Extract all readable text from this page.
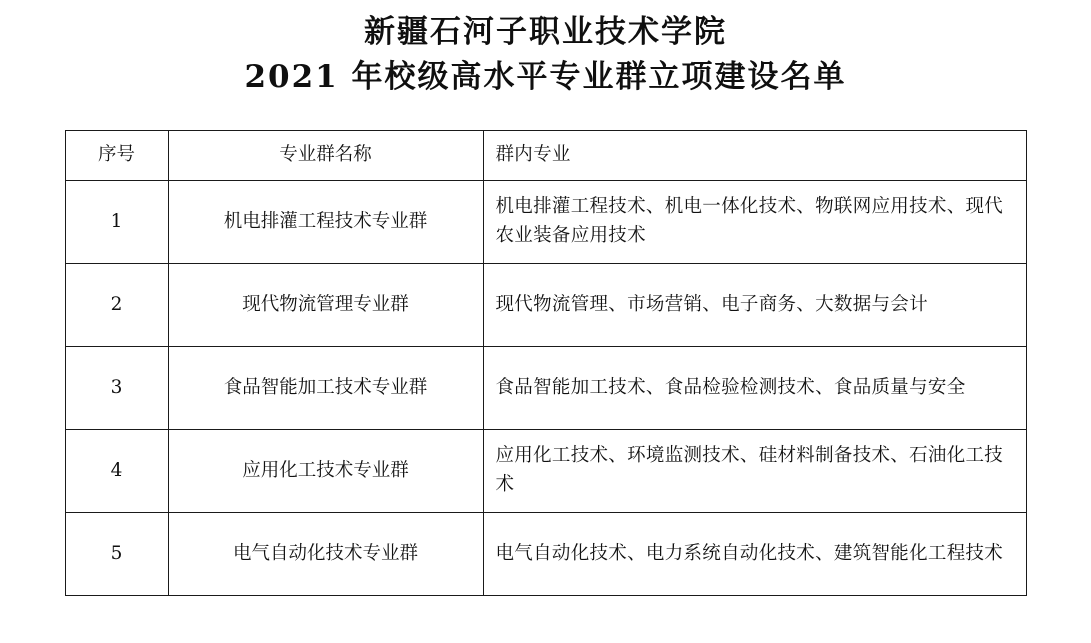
新疆石河子职业技术学院
2021 年校级高水平专业群立项建设名单
序号	专业群名称	群内专业
1	机电排灌工程技术专业群	机电排灌工程技术、机电一体化技术、物联网应用技术、现代农业装备应用技术
2	现代物流管理专业群	现代物流管理、市场营销、电子商务、大数据与会计
3	食品智能加工技术专业群	食品智能加工技术、食品检验检测技术、食品质量与安全
4	应用化工技术专业群	应用化工技术、环境监测技术、硅材料制备技术、石油化工技术
5	电气自动化技术专业群	电气自动化技术、电力系统自动化技术、建筑智能化工程技术
